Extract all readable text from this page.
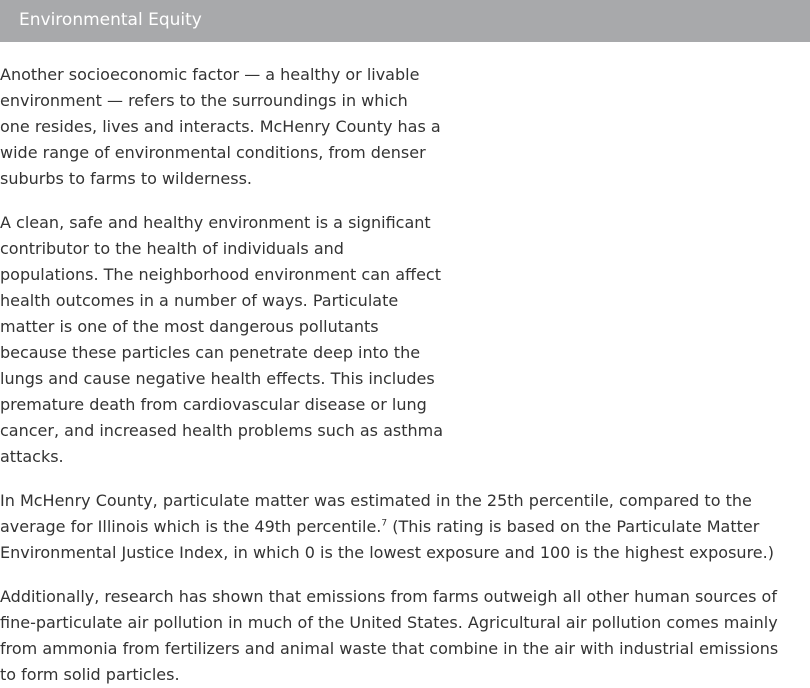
Environmental Equity

Another socioeconomic factor — a healthy or livable
environment — refers to the surroundings in which
one resides, lives and interacts. McHenry County has a
wide range of environmental conditions, from denser
suburbs to farms to wilderness.

A clean, safe and healthy environment is a significant
contributor to the health of individuals and
populations. The neighborhood environment can affect
health outcomes in a number of ways. Particulate
matter is one of the most dangerous pollutants
because these particles can penetrate deep into the
lungs and cause negative health effects. This includes
premature death from cardiovascular disease or lung
cancer, and increased health problems such as asthma
attacks.

In McHenry County, particulate matter was estimated in the 25th percentile, compared to the
average for Illinois which is the 49th percentile.$^7$ (This rating is based on the Particulate Matter
Environmental Justice Index, in which 0 is the lowest exposure and 100 is the highest exposure.)

Additionally, research has shown that emissions from farms outweigh all other human sources of
fine-particulate air pollution in much of the United States. Agricultural air pollution comes mainly
from ammonia from fertilizers and animal waste that combine in the air with industrial emissions
to form solid particles.
